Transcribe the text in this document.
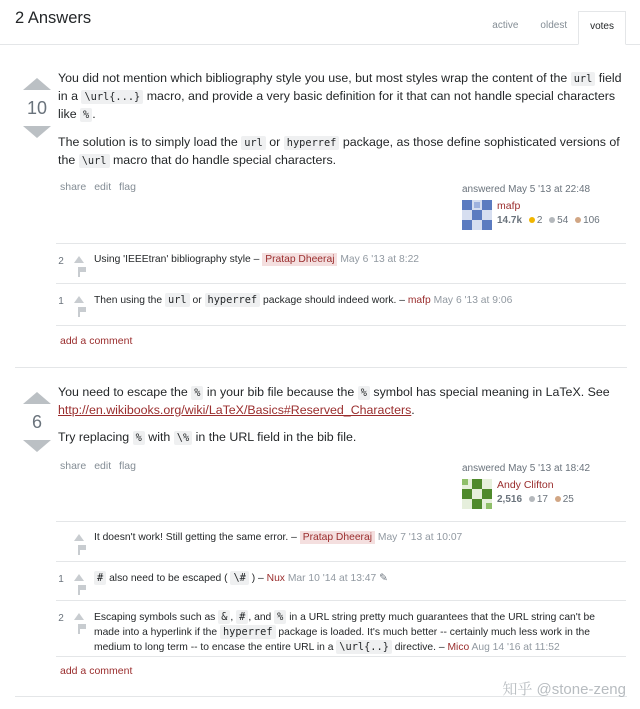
2 Answers	active	oldest	votes
10

You did not mention which bibliography style you use, but most styles wrap the content of the url field in a \url{...} macro, and provide a very basic definition for it that can not handle special characters like % .

The solution is to simply load the url or hyperref package, as those define sophisticated versions of the \url macro that do handle special characters.

share edit flag	answered May 5 '13 at 22:48
mafp
14.7k 2 54 106
2	Using 'IEEEtran' bibliography style – Pratap Dheeraj May 6 '13 at 8:22
1	Then using the url or hyperref package should indeed work. – mafp May 6 '13 at 9:06
add a comment
6

You need to escape the % in your bib file because the % symbol has special meaning in LaTeX. See http://en.wikibooks.org/wiki/LaTeX/Basics#Reserved_Characters.

Try replacing % with \% in the URL field in the bib file.

share edit flag	answered May 5 '13 at 18:42
Andy Clifton
2,516 17 25
It doesn't work! Still getting the same error. – Pratap Dheeraj May 7 '13 at 10:07
1	# also need to be escaped ( \# ) – Nux Mar 10 '14 at 13:47 ✎
2	Escaping symbols such as & , # , and % in a URL string pretty much guarantees that the URL string can't be made into a hyperlink if the hyperref package is loaded. It's much better -- certainly much less work in the medium to long term -- to encase the entire URL in a \url{..} directive. – Mico Aug 14 '16 at 11:52
add a comment
知乎 @stone-zeng
